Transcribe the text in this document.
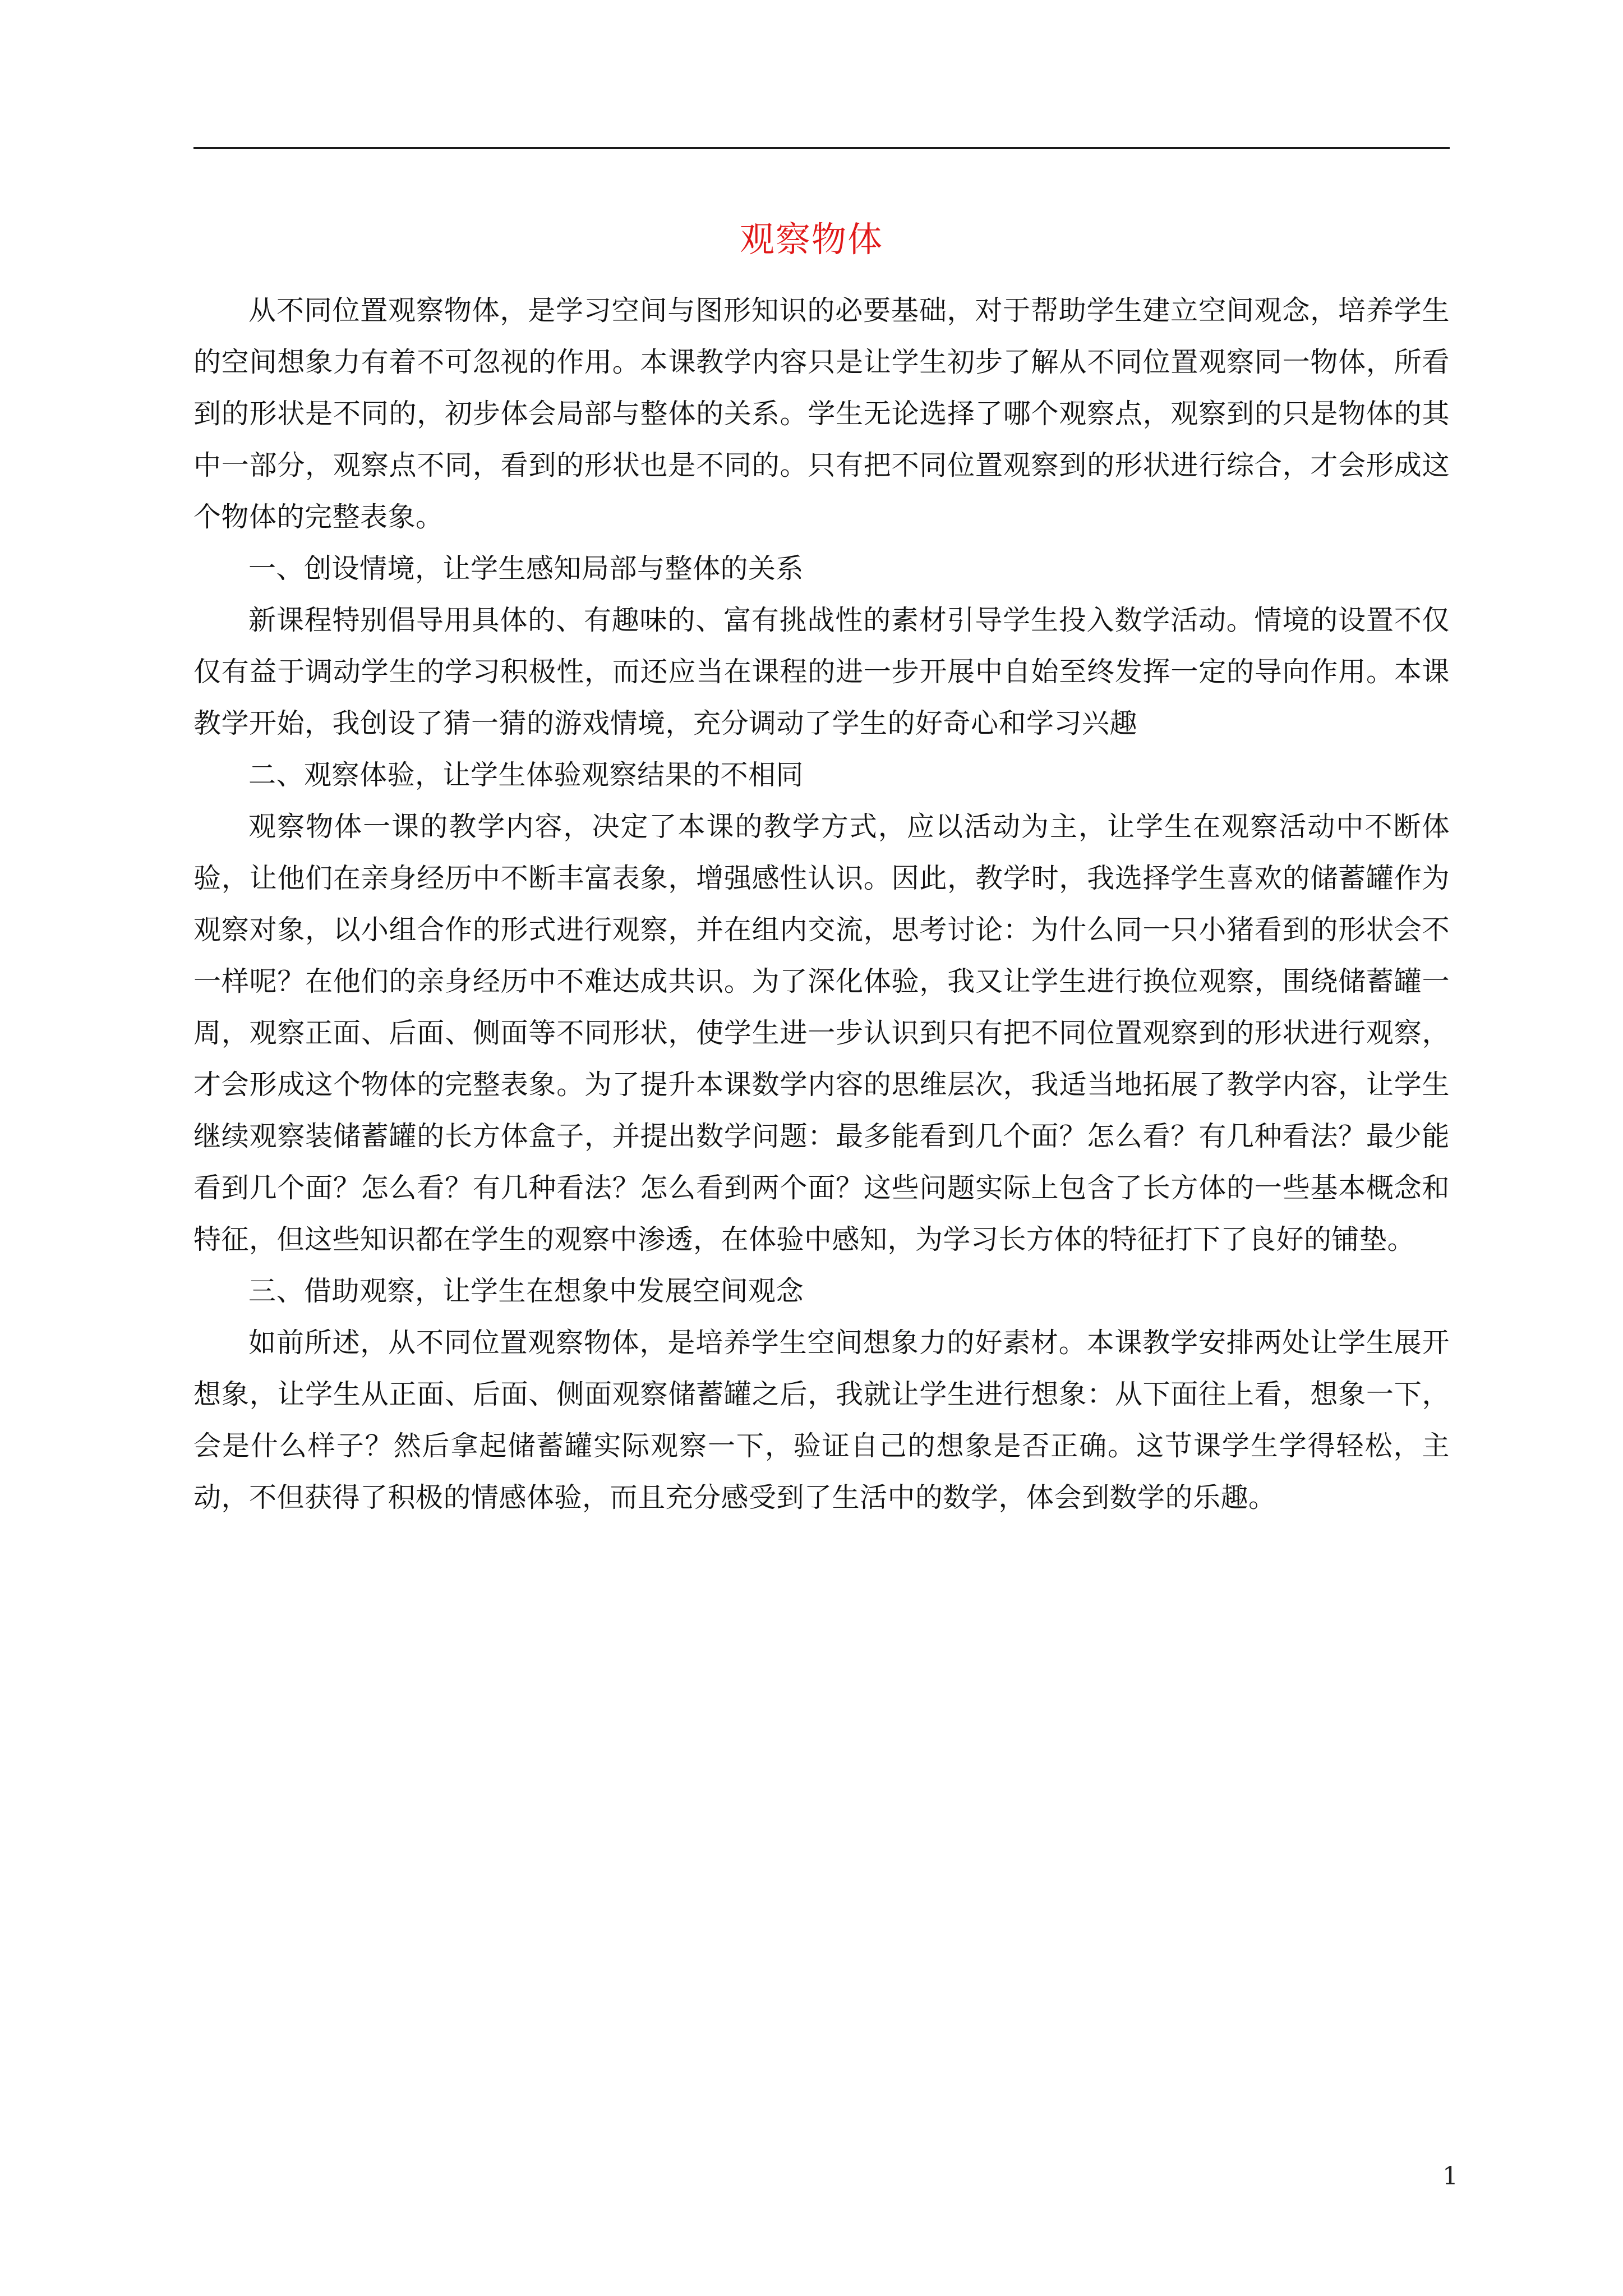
观察物体

从不同位置观察物体，是学习空间与图形知识的必要基础，对于帮助学生建立空间观念，培养学生的空间想象力有着不可忽视的作用。本课教学内容只是让学生初步了解从不同位置观察同一物体，所看到的形状是不同的，初步体会局部与整体的关系。学生无论选择了哪个观察点，观察到的只是物体的其中一部分，观察点不同，看到的形状也是不同的。只有把不同位置观察到的形状进行综合，才会形成这个物体的完整表象。

一、创设情境，让学生感知局部与整体的关系

新课程特别倡导用具体的、有趣味的、富有挑战性的素材引导学生投入数学活动。情境的设置不仅仅有益于调动学生的学习积极性，而还应当在课程的进一步开展中自始至终发挥一定的导向作用。本课教学开始，我创设了猜一猜的游戏情境，充分调动了学生的好奇心和学习兴趣

二、观察体验，让学生体验观察结果的不相同

观察物体一课的教学内容，决定了本课的教学方式，应以活动为主，让学生在观察活动中不断体验，让他们在亲身经历中不断丰富表象，增强感性认识。因此，教学时，我选择学生喜欢的储蓄罐作为观察对象，以小组合作的形式进行观察，并在组内交流，思考讨论：为什么同一只小猪看到的形状会不一样呢？在他们的亲身经历中不难达成共识。为了深化体验，我又让学生进行换位观察，围绕储蓄罐一周，观察正面、后面、侧面等不同形状，使学生进一步认识到只有把不同位置观察到的形状进行观察，才会形成这个物体的完整表象。为了提升本课数学内容的思维层次，我适当地拓展了教学内容，让学生继续观察装储蓄罐的长方体盒子，并提出数学问题：最多能看到几个面？怎么看？有几种看法？最少能看到几个面？怎么看？有几种看法？怎么看到两个面？这些问题实际上包含了长方体的一些基本概念和特征，但这些知识都在学生的观察中渗透，在体验中感知，为学习长方体的特征打下了良好的铺垫。

三、借助观察，让学生在想象中发展空间观念

如前所述，从不同位置观察物体，是培养学生空间想象力的好素材。本课教学安排两处让学生展开想象，让学生从正面、后面、侧面观察储蓄罐之后，我就让学生进行想象：从下面往上看，想象一下，会是什么样子？然后拿起储蓄罐实际观察一下，验证自己的想象是否正确。这节课学生学得轻松，主动，不但获得了积极的情感体验，而且充分感受到了生活中的数学，体会到数学的乐趣。

1
